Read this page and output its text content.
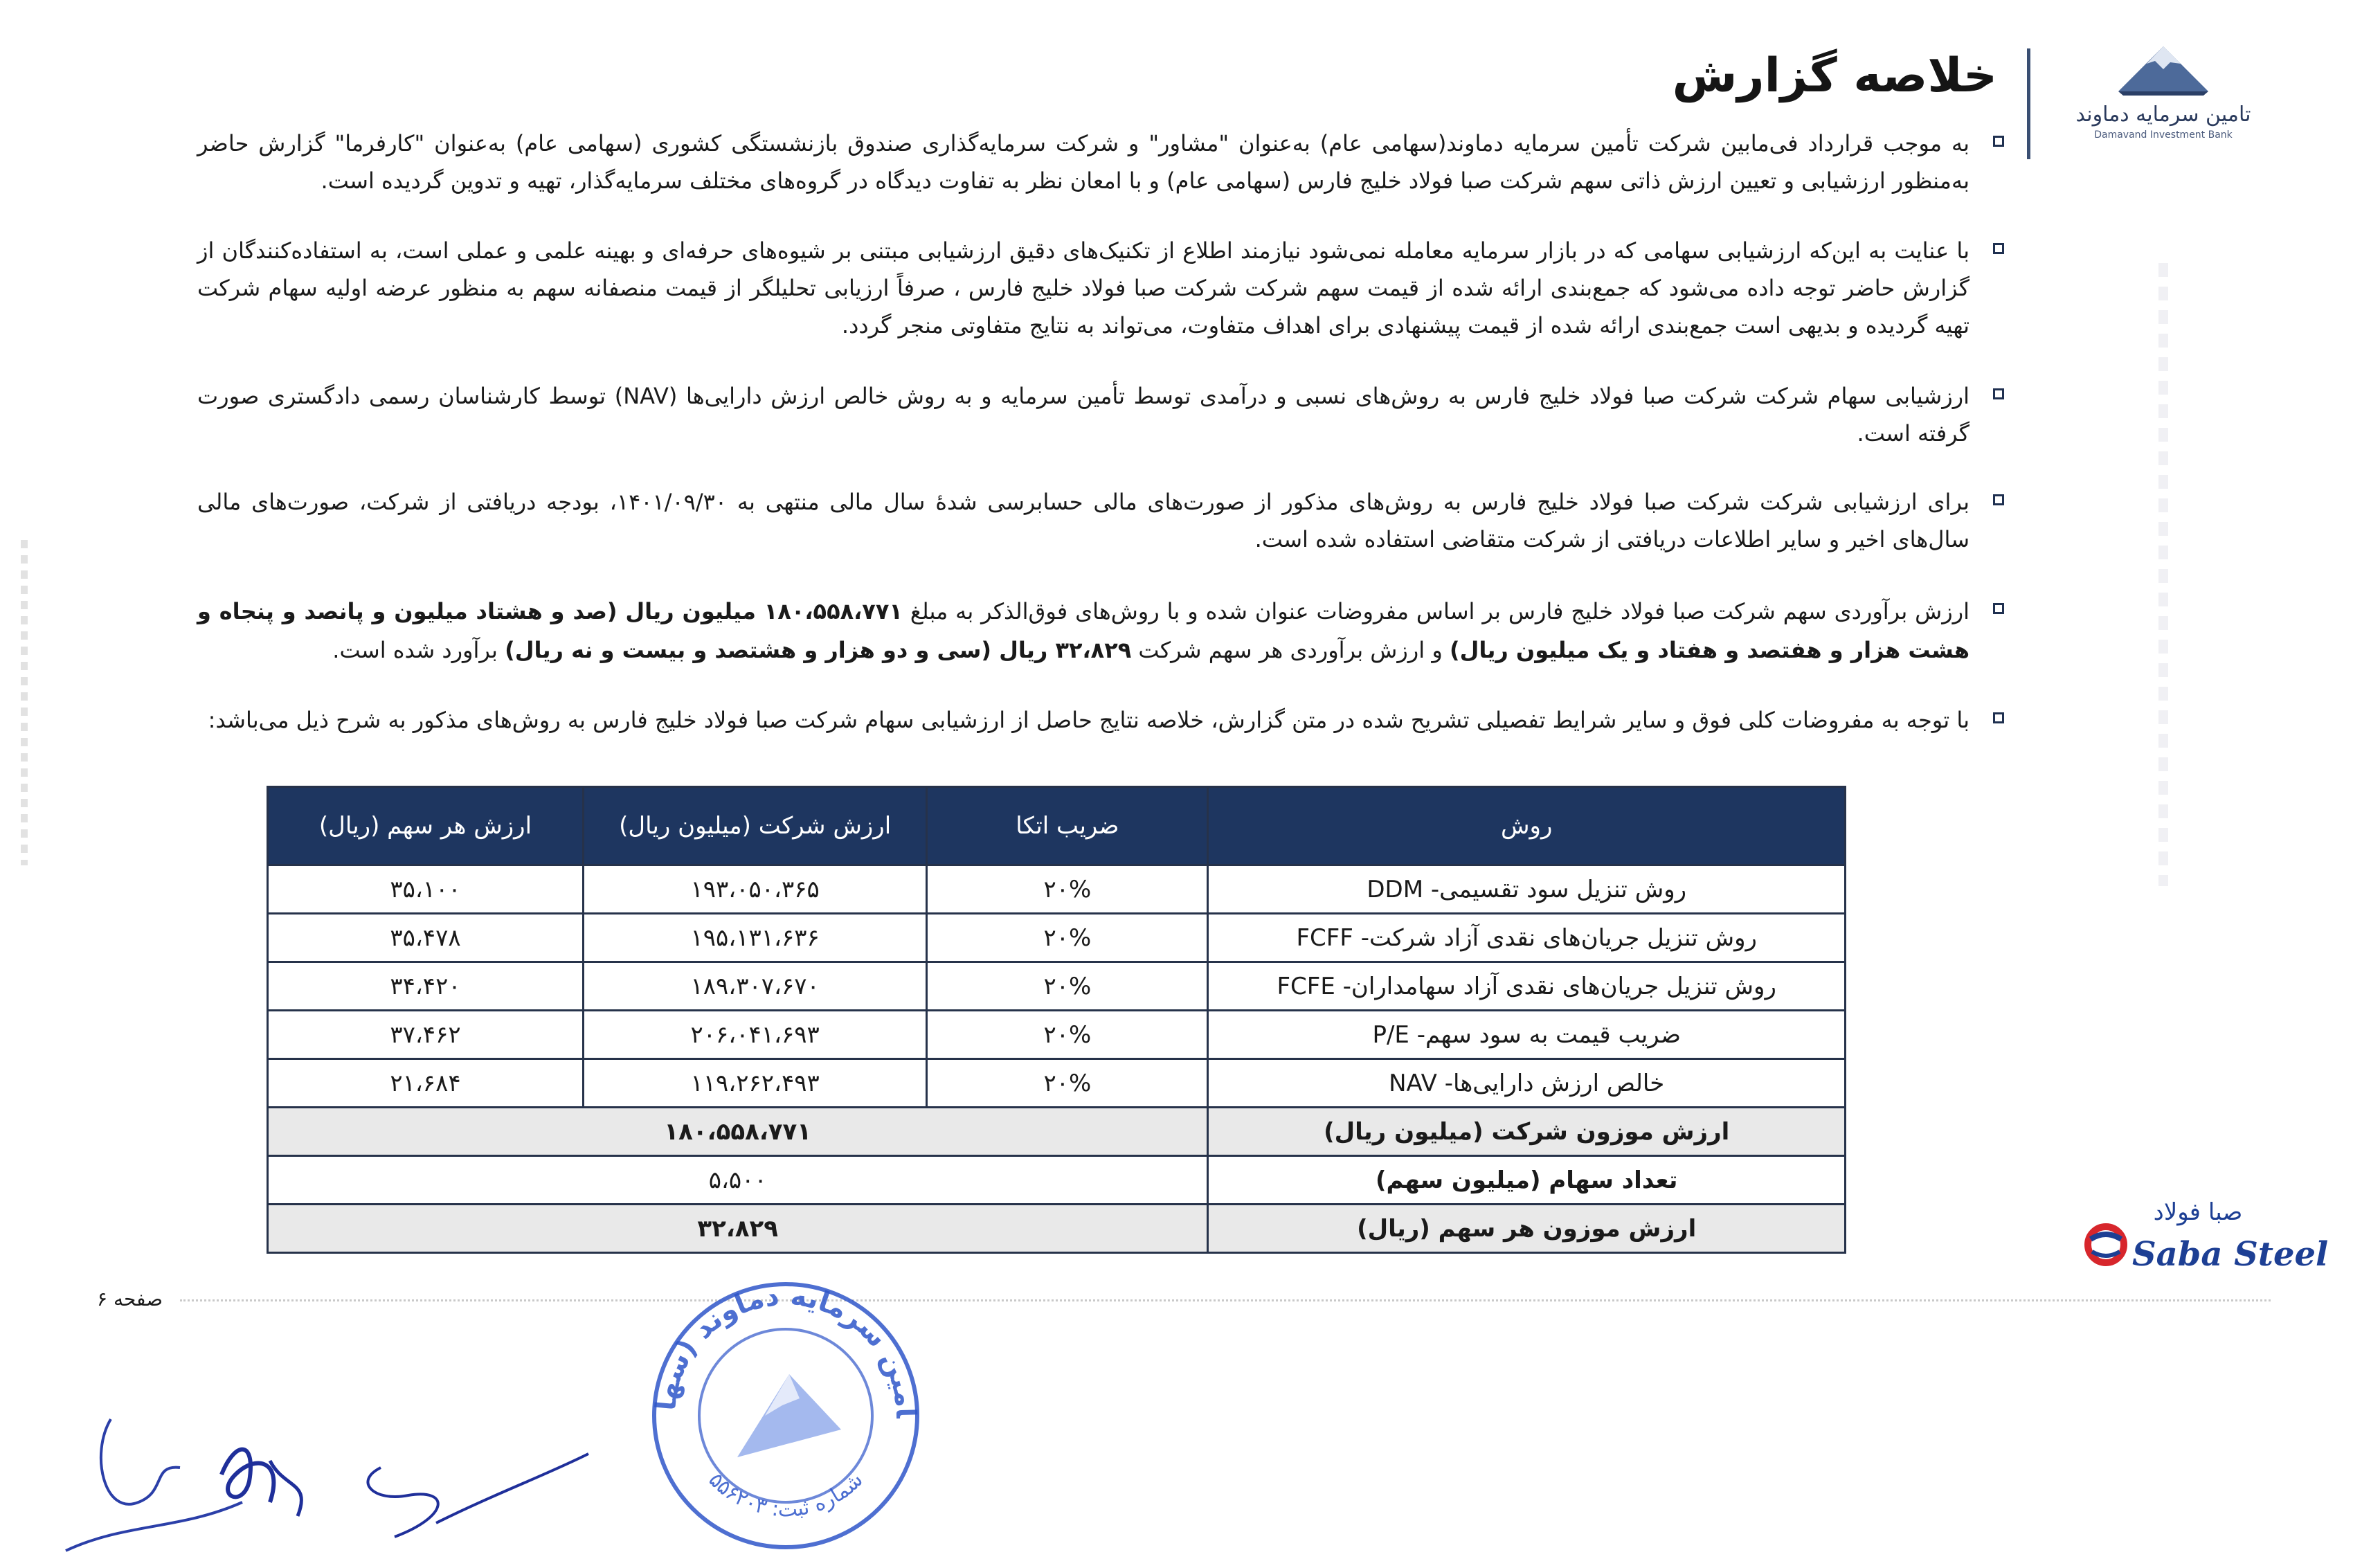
خلاصه گزارش
تامین سرمایه دماوند
Damavand Investment Bank
به موجب قرارداد فی‌مابین شرکت تأمین سرمایه دماوند(سهامی عام) به‌عنوان "مشاور" و شرکت سرمایه‌گذاری صندوق بازنشستگی کشوری (سهامی عام) به‌عنوان "کارفرما" گزارش حاضر به‌منظور ارزشیابی و تعیین ارزش ذاتی سهم شرکت صبا فولاد خلیج فارس (سهامی عام) و با امعان نظر به تفاوت دیدگاه در گروه‌های مختلف سرمایه‌گذار، تهیه و تدوین گردیده است.
با عنایت به این‌که ارزشیابی سهامی که در بازار سرمایه معامله نمی‌شود نیازمند اطلاع از تکنیک‌های دقیق ارزشیابی مبتنی بر شیوه‌های حرفه‌ای و بهینه علمی و عملی است، به استفاده‌کنندگان از گزارش حاضر توجه داده می‌شود که جمع‌بندی ارائه شده از قیمت سهم شرکت شرکت صبا فولاد خلیج فارس ، صرفاً ارزیابی تحلیلگر از قیمت منصفانه سهم به منظور عرضه اولیه سهام شرکت تهیه گردیده و بدیهی است جمع‌بندی ارائه شده از قیمت پیشنهادی برای اهداف متفاوت، می‌تواند به نتایج متفاوتی منجر گردد.
ارزشیابی سهام شرکت شرکت صبا فولاد خلیج فارس به روش‌های نسبی و درآمدی توسط تأمین سرمایه و به روش خالص ارزش دارایی‌ها (NAV) توسط کارشناسان رسمی دادگستری صورت گرفته است.
برای ارزشیابی شرکت شرکت صبا فولاد خلیج فارس به روش‌های مذکور از صورت‌های مالی حسابرسی شدهٔ سال مالی منتهی به ۱۴۰۱/۰۹/۳۰، بودجه دریافتی از شرکت، صورت‌های مالی سال‌های اخیر و سایر اطلاعات دریافتی از شرکت متقاضی استفاده شده است.
ارزش برآوردی سهم شرکت صبا فولاد خلیج فارس بر اساس مفروضات عنوان شده و با روش‌های فوق‌الذکر به مبلغ ۱۸۰،۵۵۸،۷۷۱ میلیون ریال (صد و هشتاد میلیون و پانصد و پنجاه و هشت هزار و هفتصد و هفتاد و یک میلیون ریال) و ارزش برآوردی هر سهم شرکت ۳۲،۸۲۹ ریال (سی و دو هزار و هشتصد و بیست و نه ریال) برآورد شده است.
با توجه به مفروضات کلی فوق و سایر شرایط تفصیلی تشریح شده در متن گزارش، خلاصه نتایج حاصل از ارزشیابی سهام شرکت صبا فولاد خلیج فارس به روش‌های مذکور به شرح ذیل می‌باشد:
روش	ضریب اتکا	ارزش شرکت (میلیون ریال)	ارزش هر سهم (ریال)
روش تنزیل سود تقسیمی- DDM	۲۰%	۱۹۳،۰۵۰،۳۶۵	۳۵،۱۰۰
روش تنزیل جریان‌های نقدی آزاد شرکت- FCFF	۲۰%	۱۹۵،۱۳۱،۶۳۶	۳۵،۴۷۸
روش تنزیل جریان‌های نقدی آزاد سهامداران- FCFE	۲۰%	۱۸۹،۳۰۷،۶۷۰	۳۴،۴۲۰
ضریب قیمت به سود سهم- P/E	۲۰%	۲۰۶،۰۴۱،۶۹۳	۳۷،۴۶۲
خالص ارزش دارایی‌ها- NAV	۲۰%	۱۱۹،۲۶۲،۴۹۳	۲۱،۶۸۴
ارزش موزون شرکت (میلیون ریال)	۱۸۰،۵۵۸،۷۷۱		
تعداد سهام (میلیون سهم)	۵،۵۰۰		
ارزش موزون هر سهم (ریال)	۳۲،۸۲۹		
صفحه ۶
صبا فولاد
Saba Steel
امین سرمایه دماوند (سها
شماره ثبت: ۵۵۶۲۰۳
